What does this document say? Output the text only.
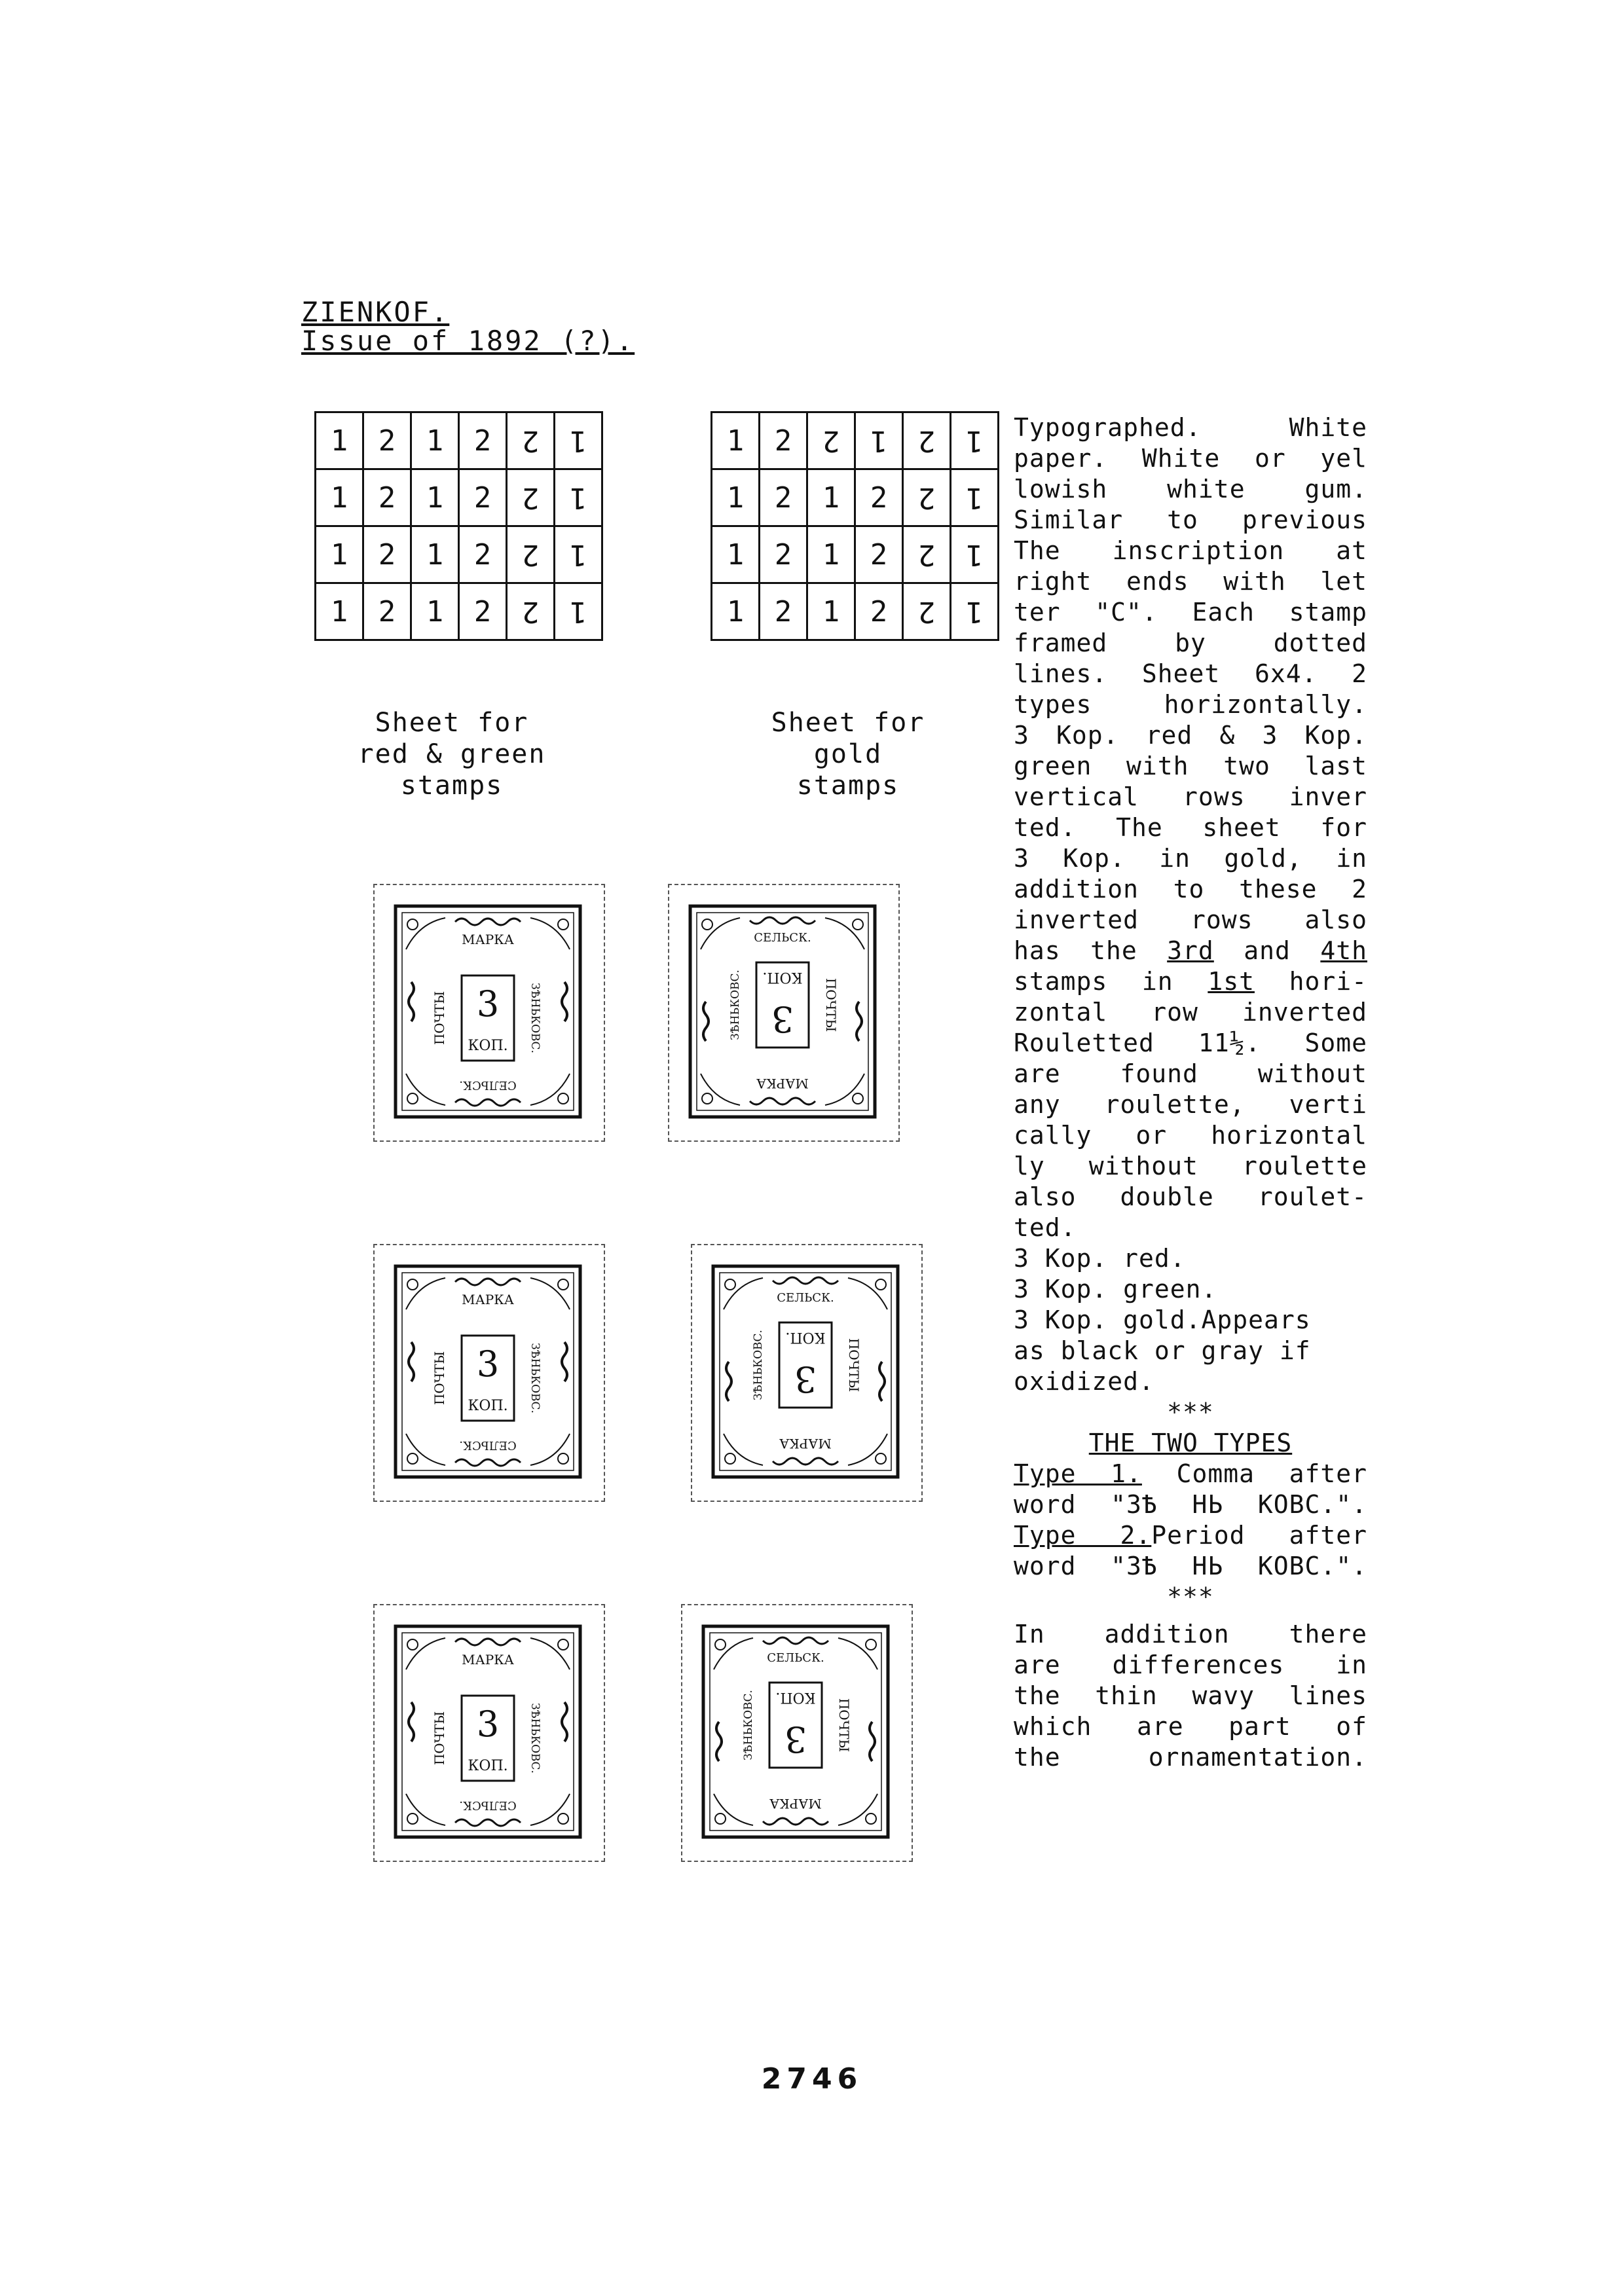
ZIENKOF.
Issue of 1892 (?).
1	2	1	2	2	1
1	2	1	2	2	1
1	2	1	2	2	1
1	2	1	2	2	1
1	2	2	1	2	1
1	2	1	2	2	1
1	2	1	2	2	1
1	2	1	2	2	1
Sheet for
red & green
stamps
Sheet for
gold
stamps
МАРКА
3
КОП.
ПОЧТЫ	ЗѢНЬКОВС.
СЕЛЬСК.	МАРКА
3
КОП.
ПОЧТЫ
ЗѢНЬКОВС.
СЕЛЬСК.
МАРКА
3
КОП.
ПОЧТЫ	ЗѢНЬКОВС.
СЕЛЬСК.	МАРКА
3
КОП.
ПОЧТЫ
ЗѢНЬКОВС.
СЕЛЬСК.
МАРКА
3
КОП.
ПОЧТЫ	ЗѢНЬКОВС.
СЕЛЬСК.	МАРКА
3
КОП.
ПОЧТЫ
ЗѢНЬКОВС.
СЕЛЬСК.
Typographed. White
paper. White or yel
lowish white gum.
Similar to previous
The inscription at
right ends with let
ter "C". Each stamp
framed by dotted
lines. Sheet 6x4. 2
types horizontally.
3 Kop. red & 3 Kop.
green with two last
vertical rows inver
ted. The sheet for
3 Kop. in gold, in
addition to these 2
inverted rows also
has the 3rd and 4th
stamps in 1st hori-
zontal row inverted
Rouletted 11½. Some
are found without
any roulette, verti
cally or horizontal
ly without roulette
also double roulet-
ted.
3 Kop. red.
3 Kop. green.
3 Kop. gold.Appears
as black or gray if
oxidized.
***
THE TWO TYPES
Type 1. Comma after
word "3Ѣ НЬ КОВС.".
Type 2.Period after
word "3Ѣ НЬ КОВС.".
***
In addition there
are differences in
the thin wavy lines
which are part of
the ornamentation.
2746
